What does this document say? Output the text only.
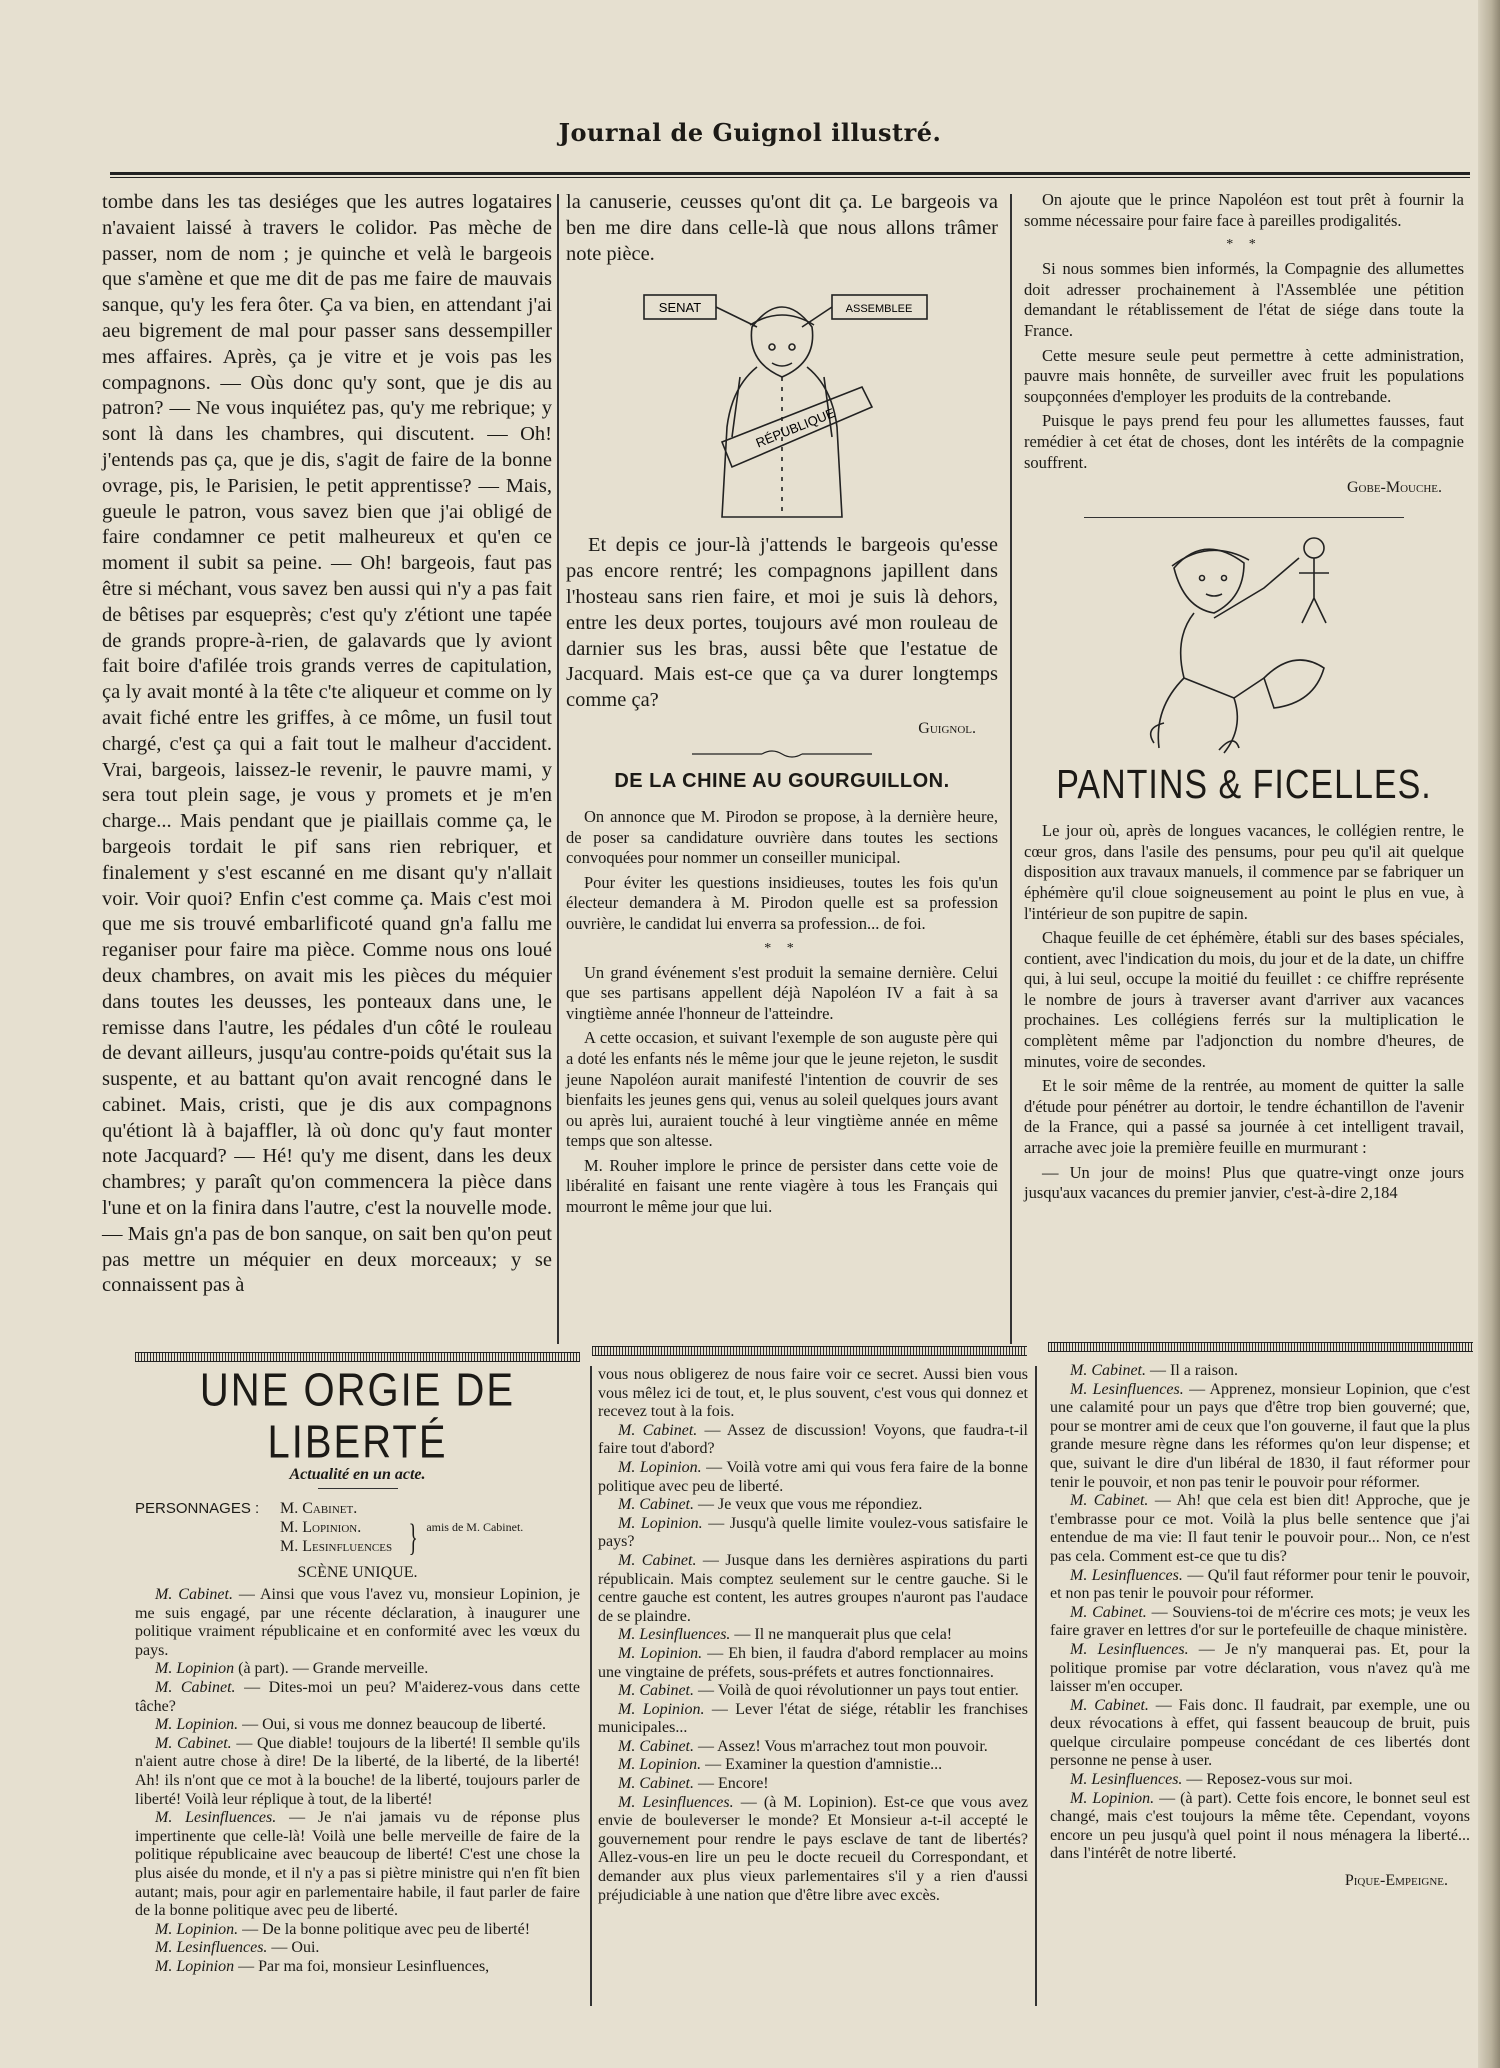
Journal de Guignol illustré.

tombe dans les tas desiéges que les autres logataires n'avaient laissé à travers le colidor. Pas mèche de passer, nom de nom ; je quinche et velà le bargeois que s'amène et que me dit de pas me faire de mauvais sanque, qu'y les fera ôter. Ça va bien, en attendant j'ai aeu bigrement de mal pour passer sans dessempiller mes affaires. Après, ça je vitre et je vois pas les compagnons. — Oùs donc qu'y sont, que je dis au patron? — Ne vous inquiétez pas, qu'y me rebrique; y sont là dans les chambres, qui discutent. — Oh! j'entends pas ça, que je dis, s'agit de faire de la bonne ovrage, pis, le Parisien, le petit apprentisse? — Mais, gueule le patron, vous savez bien que j'ai obligé de faire condamner ce petit malheureux et qu'en ce moment il subit sa peine. — Oh! bargeois, faut pas être si méchant, vous savez ben aussi qui n'y a pas fait de bêtises par esqueprès; c'est qu'y z'étiont une tapée de grands propre-à-rien, de galavards que ly aviont fait boire d'afilée trois grands verres de capitulation, ça ly avait monté à la tête c'te aliqueur et comme on ly avait fiché entre les griffes, à ce môme, un fusil tout chargé, c'est ça qui a fait tout le malheur d'accident. Vrai, bargeois, laissez-le revenir, le pauvre mami, y sera tout plein sage, je vous y promets et je m'en charge... Mais pendant que je piaillais comme ça, le bargeois tordait le pif sans rien rebriquer, et finalement y s'est escanné en me disant qu'y n'allait voir. Voir quoi? Enfin c'est comme ça. Mais c'est moi que me sis trouvé embarlificoté quand gn'a fallu me reganiser pour faire ma pièce. Comme nous ons loué deux chambres, on avait mis les pièces du méquier dans toutes les deusses, les ponteaux dans une, le remisse dans l'autre, les pédales d'un côté le rouleau de devant ailleurs, jusqu'au contre-poids qu'était sus la suspente, et au battant qu'on avait rencogné dans le cabinet. Mais, cristi, que je dis aux compagnons qu'étiont là à bajaffler, là où donc qu'y faut monter note Jacquard? — Hé! qu'y me disent, dans les deux chambres; y paraît qu'on commencera la pièce dans l'une et on la finira dans l'autre, c'est la nouvelle mode. — Mais gn'a pas de bon sanque, on sait ben qu'on peut pas mettre un méquier en deux morceaux; y se connaissent pas à

la canuserie, ceusses qu'ont dit ça. Le bargeois va ben me dire dans celle-là que nous allons trâmer note pièce.

SENAT	ASSEMBLEE
RÉPUBLIQUE

Et depis ce jour-là j'attends le bargeois qu'esse pas encore rentré; les compagnons japillent dans l'hosteau sans rien faire, et moi je suis là dehors, entre les deux portes, toujours avé mon rouleau de darnier sus les bras, aussi bête que l'estatue de Jacquard. Mais est-ce que ça va durer longtemps comme ça?

Guignol.
DE LA CHINE AU GOURGUILLON.

On annonce que M. Pirodon se propose, à la dernière heure, de poser sa candidature ouvrière dans toutes les sections convoquées pour nommer un conseiller municipal.

Pour éviter les questions insidieuses, toutes les fois qu'un électeur demandera à M. Pirodon quelle est sa profession ouvrière, le candidat lui enverra sa profession... de foi.

* *

Un grand événement s'est produit la semaine dernière. Celui que ses partisans appellent déjà Napoléon IV a fait à sa vingtième année l'honneur de l'atteindre.

A cette occasion, et suivant l'exemple de son auguste père qui a doté les enfants nés le même jour que le jeune rejeton, le susdit jeune Napoléon aurait manifesté l'intention de couvrir de ses bienfaits les jeunes gens qui, venus au soleil quelques jours avant ou après lui, auraient touché à leur vingtième année en même temps que son altesse.

M. Rouher implore le prince de persister dans cette voie de libéralité en faisant une rente viagère à tous les Français qui mourront le même jour que lui.

On ajoute que le prince Napoléon est tout prêt à fournir la somme nécessaire pour faire face à pareilles prodigalités.

* *

Si nous sommes bien informés, la Compagnie des allumettes doit adresser prochainement à l'Assemblée une pétition demandant le rétablissement de l'état de siége dans toute la France.

Cette mesure seule peut permettre à cette administration, pauvre mais honnête, de surveiller avec fruit les populations soupçonnées d'employer les produits de la contrebande.

Puisque le pays prend feu pour les allumettes fausses, faut remédier à cet état de choses, dont les intérêts de la compagnie souffrent.

Gobe-Mouche.
PANTINS & FICELLES.

Le jour où, après de longues vacances, le collégien rentre, le cœur gros, dans l'asile des pensums, pour peu qu'il ait quelque disposition aux travaux manuels, il commence par se fabriquer un éphémère qu'il cloue soigneusement au point le plus en vue, à l'intérieur de son pupitre de sapin.

Chaque feuille de cet éphémère, établi sur des bases spéciales, contient, avec l'indication du mois, du jour et de la date, un chiffre qui, à lui seul, occupe la moitié du feuillet : ce chiffre représente le nombre de jours à traverser avant d'arriver aux vacances prochaines. Les collégiens ferrés sur la multiplication le complètent même par l'adjonction du nombre d'heures, de minutes, voire de secondes.

Et le soir même de la rentrée, au moment de quitter la salle d'étude pour pénétrer au dortoir, le tendre échantillon de l'avenir de la France, qui a passé sa journée à cet intelligent travail, arrache avec joie la première feuille en murmurant :

— Un jour de moins! Plus que quatre-vingt onze jours jusqu'aux vacances du premier janvier, c'est-à-dire 2,184

UNE ORGIE DE LIBERTÉ
Actualité en un acte.
PERSONNAGES :	M. Cabinet.
M. Lopinion.
M. Lesinfluences } amis de M. Cabinet.
SCÈNE UNIQUE.

M. Cabinet. — Ainsi que vous l'avez vu, monsieur Lopinion, je me suis engagé, par une récente déclaration, à inaugurer une politique vraiment républicaine et en conformité avec les vœux du pays.

M. Lopinion (à part). — Grande merveille.

M. Cabinet. — Dites-moi un peu? M'aiderez-vous dans cette tâche?

M. Lopinion. — Oui, si vous me donnez beaucoup de liberté.

M. Cabinet. — Que diable! toujours de la liberté! Il semble qu'ils n'aient autre chose à dire! De la liberté, de la liberté, de la liberté! Ah! ils n'ont que ce mot à la bouche! de la liberté, toujours parler de liberté! Voilà leur réplique à tout, de la liberté!

M. Lesinfluences. — Je n'ai jamais vu de réponse plus impertinente que celle-là! Voilà une belle merveille de faire de la politique républicaine avec beaucoup de liberté! C'est une chose la plus aisée du monde, et il n'y a pas si piètre ministre qui n'en fît bien autant; mais, pour agir en parlementaire habile, il faut parler de faire de la bonne politique avec peu de liberté.

M. Lopinion. — De la bonne politique avec peu de liberté!

M. Lesinfluences. — Oui.

M. Lopinion — Par ma foi, monsieur Lesinfluences,

vous nous obligerez de nous faire voir ce secret. Aussi bien vous vous mêlez ici de tout, et, le plus souvent, c'est vous qui donnez et recevez tout à la fois.

M. Cabinet. — Assez de discussion! Voyons, que faudra-t-il faire tout d'abord?

M. Lopinion. — Voilà votre ami qui vous fera faire de la bonne politique avec peu de liberté.

M. Cabinet. — Je veux que vous me répondiez.

M. Lopinion. — Jusqu'à quelle limite voulez-vous satisfaire le pays?

M. Cabinet. — Jusque dans les dernières aspirations du parti républicain. Mais comptez seulement sur le centre gauche. Si le centre gauche est content, les autres groupes n'auront pas l'audace de se plaindre.

M. Lesinfluences. — Il ne manquerait plus que cela!

M. Lopinion. — Eh bien, il faudra d'abord remplacer au moins une vingtaine de préfets, sous-préfets et autres fonctionnaires.

M. Cabinet. — Voilà de quoi révolutionner un pays tout entier.

M. Lopinion. — Lever l'état de siége, rétablir les franchises municipales...

M. Cabinet. — Assez! Vous m'arrachez tout mon pouvoir.

M. Lopinion. — Examiner la question d'amnistie...

M. Cabinet. — Encore!

M. Lesinfluences. — (à M. Lopinion). Est-ce que vous avez envie de bouleverser le monde? Et Monsieur a-t-il accepté le gouvernement pour rendre le pays esclave de tant de libertés? Allez-vous-en lire un peu le docte recueil du Correspondant, et demander aux plus vieux parlementaires s'il y a rien d'aussi préjudiciable à une nation que d'être libre avec excès.

M. Cabinet. — Il a raison.

M. Lesinfluences. — Apprenez, monsieur Lopinion, que c'est une calamité pour un pays que d'être trop bien gouverné; que, pour se montrer ami de ceux que l'on gouverne, il faut que la plus grande mesure règne dans les réformes qu'on leur dispense; et que, suivant le dire d'un libéral de 1830, il faut réformer pour tenir le pouvoir, et non pas tenir le pouvoir pour réformer.

M. Cabinet. — Ah! que cela est bien dit! Approche, que je t'embrasse pour ce mot. Voilà la plus belle sentence que j'ai entendue de ma vie: Il faut tenir le pouvoir pour... Non, ce n'est pas cela. Comment est-ce que tu dis?

M. Lesinfluences. — Qu'il faut réformer pour tenir le pouvoir, et non pas tenir le pouvoir pour réformer.

M. Cabinet. — Souviens-toi de m'écrire ces mots; je veux les faire graver en lettres d'or sur le portefeuille de chaque ministère.

M. Lesinfluences. — Je n'y manquerai pas. Et, pour la politique promise par votre déclaration, vous n'avez qu'à me laisser m'en occuper.

M. Cabinet. — Fais donc. Il faudrait, par exemple, une ou deux révocations à effet, qui fassent beaucoup de bruit, puis quelque circulaire pompeuse concédant de ces libertés dont personne ne pense à user.

M. Lesinfluences. — Reposez-vous sur moi.

M. Lopinion. — (à part). Cette fois encore, le bonnet seul est changé, mais c'est toujours la même tête. Cependant, voyons encore un peu jusqu'à quel point il nous ménagera la liberté... dans l'intérêt de notre liberté.

Pique-Empeigne.
